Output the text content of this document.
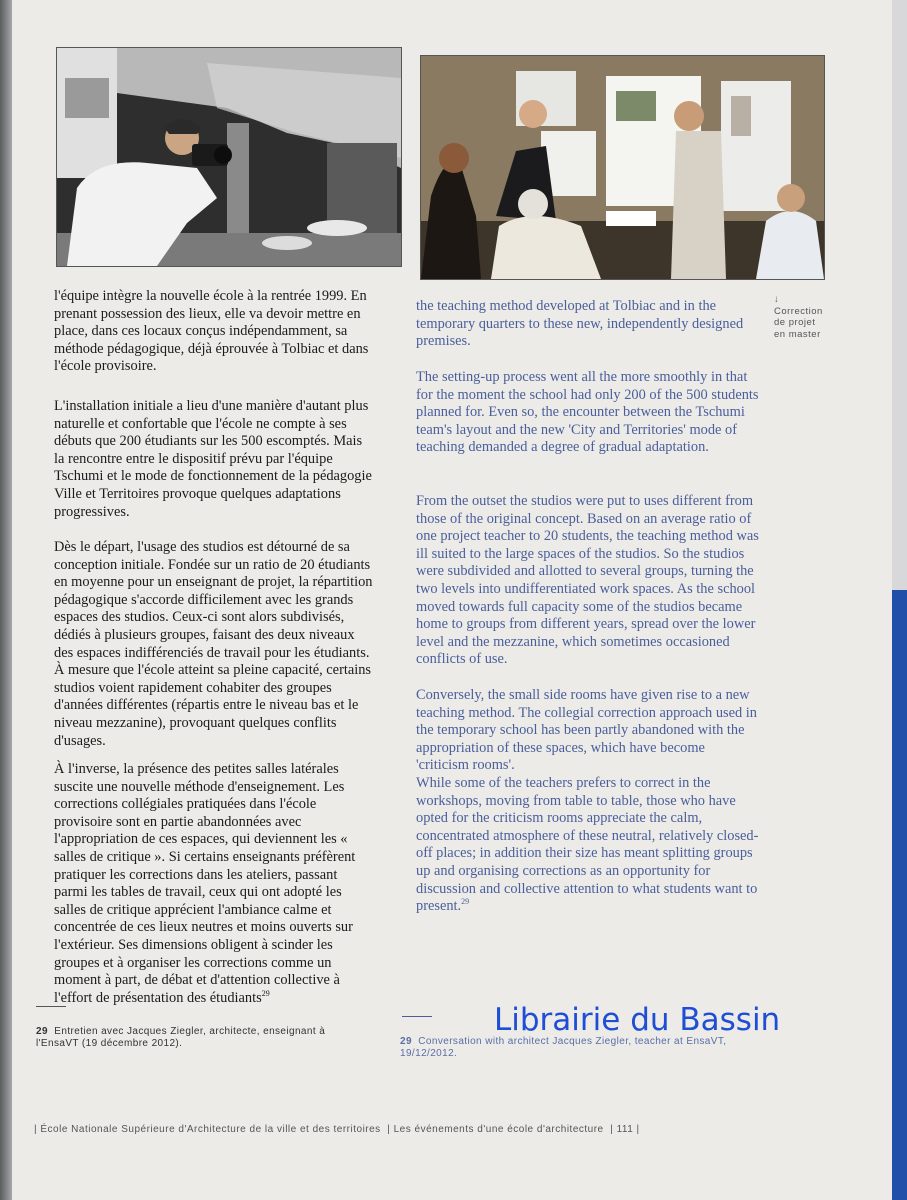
↓
Correction
de projet
en master

l'équipe intègre la nouvelle école à la rentrée 1999. En prenant possession des lieux, elle va devoir mettre en place, dans ces locaux conçus indépendamment, sa méthode pédagogique, déjà éprouvée à Tolbiac et dans l'école provisoire.

L'installation initiale a lieu d'une manière d'autant plus naturelle et confortable que l'école ne compte à ses débuts que 200 étudiants sur les 500 escomptés. Mais la rencontre entre le dispositif prévu par l'équipe Tschumi et le mode de fonctionnement de la pédagogie Ville et Territoires provoque quelques adaptations progressives.

Dès le départ, l'usage des studios est détourné de sa conception initiale. Fondée sur un ratio de 20 étudiants en moyenne pour un enseignant de projet, la répartition pédagogique s'accorde difficilement avec les grands espaces des studios. Ceux-ci sont alors subdivisés, dédiés à plusieurs groupes, faisant des deux niveaux des espaces indifférenciés de travail pour les étudiants. À mesure que l'école atteint sa pleine capacité, certains studios voient rapidement cohabiter des groupes d'années différentes (répartis entre le niveau bas et le niveau mezzanine), provoquant quelques conflits d'usages.

À l'inverse, la présence des petites salles latérales suscite une nouvelle méthode d'enseignement. Les corrections collégiales pratiquées dans l'école provisoire sont en partie abandonnées avec l'appropriation de ces espaces, qui deviennent les « salles de critique ». Si certains enseignants préfèrent pratiquer les corrections dans les ateliers, passant parmi les tables de travail, ceux qui ont adopté les salles de critique apprécient l'ambiance calme et concentrée de ces lieux neutres et moins ouverts sur l'extérieur. Ses dimensions obligent à scinder les groupes et à organiser les corrections comme un moment à part, de débat et d'attention collective à l'effort de présentation des étudiants$^{29}$

the teaching method developed at Tolbiac and in the temporary quarters to these new, independently designed premises.

The setting-up process went all the more smoothly in that for the moment the school had only 200 of the 500 students planned for. Even so, the encounter between the Tschumi team's layout and the new 'City and Territories' mode of teaching demanded a degree of gradual adaptation.

From the outset the studios were put to uses different from those of the original concept. Based on an average ratio of one project teacher to 20 students, the teaching method was ill suited to the large spaces of the studios. So the studios were subdivided and allotted to several groups, turning the two levels into undifferentiated work spaces. As the school moved towards full capacity some of the studios became home to groups from different years, spread over the lower level and the mezzanine, which sometimes occasioned conflicts of use.

Conversely, the small side rooms have given rise to a new teaching method. The collegial correction approach used in the temporary school has been partly abandoned with the appropriation of these spaces, which have become 'criticism rooms'.

While some of the teachers prefers to correct in the workshops, moving from table to table, those who have opted for the criticism rooms appreciate the calm, concentrated atmosphere of these neutral, relatively closed-off places; in addition their size has meant splitting groups up and organising corrections as an opportunity for discussion and collective attention to what students want to present.$^{29}$

29 Entretien avec Jacques Ziegler, architecte, enseignant à l'EnsaVT (19 décembre 2012).	29 Conversation with architect Jacques Ziegler, teacher at EnsaVT, 19/12/2012.
| École Nationale Supérieure d'Architecture de la ville et des territoires  | Les événements d'une école d'architecture  | 111 |
Librairie du Bassin
